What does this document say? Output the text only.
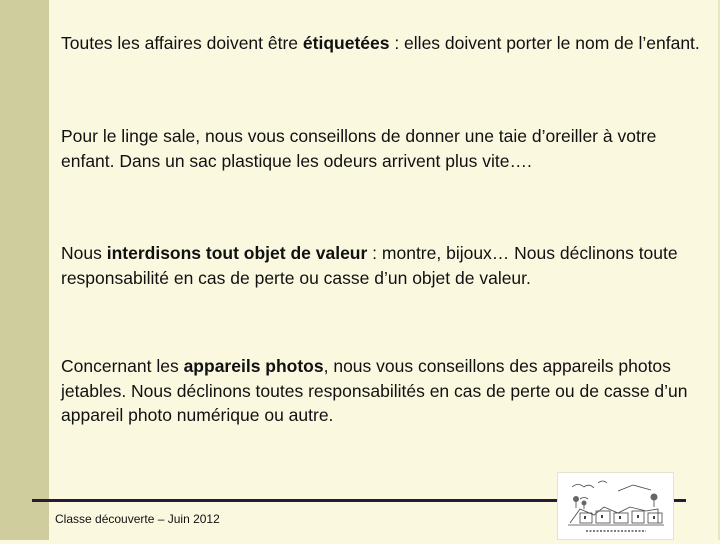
Toutes les affaires doivent être étiquetées : elles doivent porter le nom de l’enfant.

Pour le linge sale, nous vous conseillons de donner une taie d’oreiller à votre enfant. Dans un sac plastique les odeurs arrivent plus vite….

Nous interdisons tout objet de valeur : montre, bijoux… Nous déclinons toute responsabilité en cas de perte ou casse d’un objet de valeur.

Concernant les appareils photos, nous vous conseillons des appareils photos jetables. Nous déclinons toutes responsabilités en cas de perte ou de casse d’un appareil photo numérique ou autre.

Classe découverte – Juin 2012
